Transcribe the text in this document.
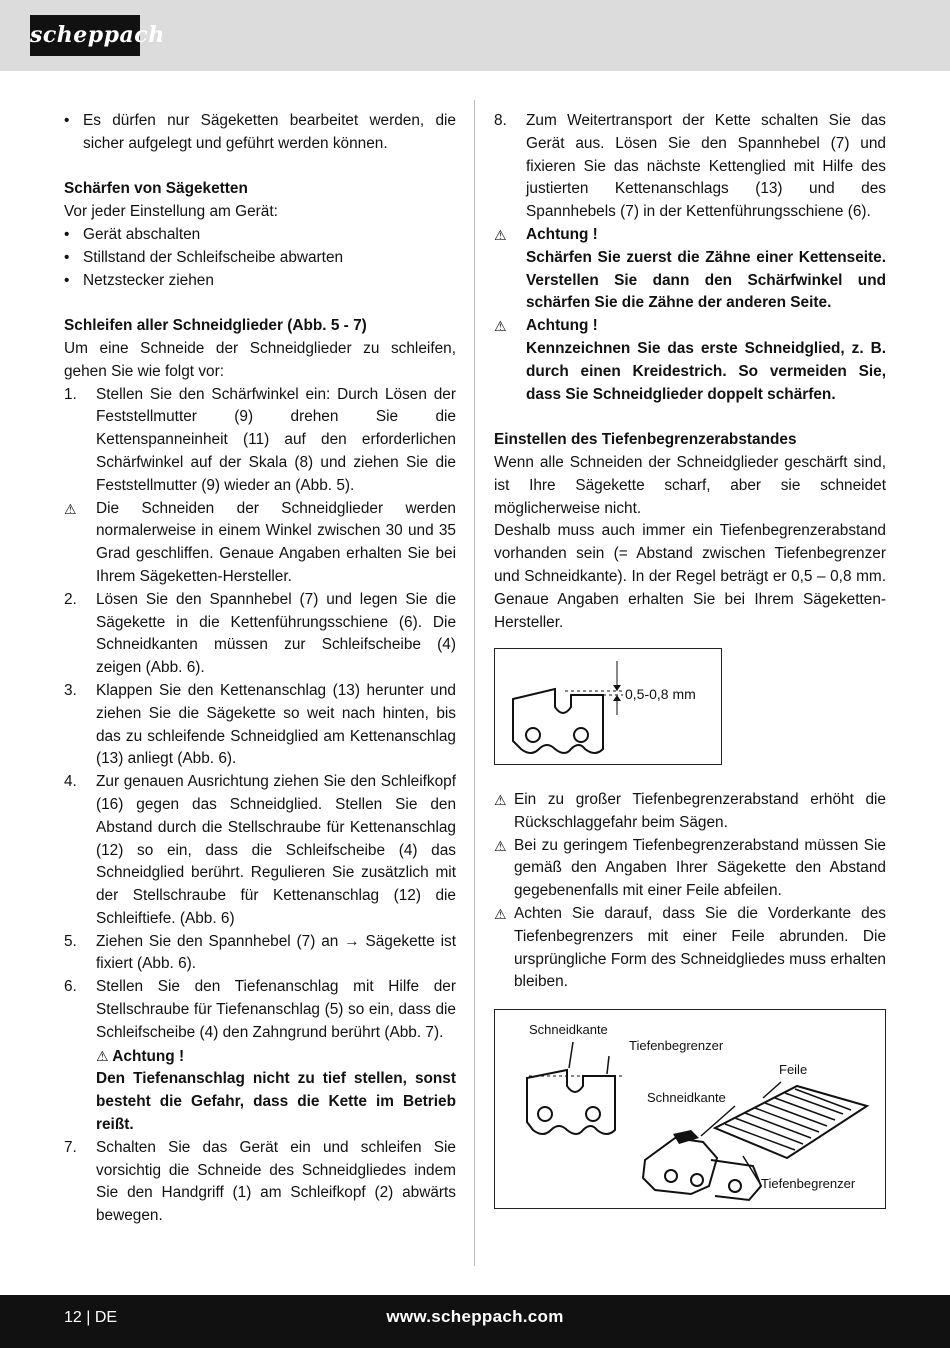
scheppach
• Es dürfen nur Sägeketten bearbeitet werden, die sicher aufgelegt und geführt werden können.

Schärfen von Sägeketten

Vor jeder Einstellung am Gerät:

• Gerät abschalten
• Stillstand der Schleifscheibe abwarten
• Netzstecker ziehen

Schleifen aller Schneidglieder (Abb. 5 - 7)

Um eine Schneide der Schneidglieder zu schleifen, gehen Sie wie folgt vor:

1. Stellen Sie den Schärfwinkel ein: Durch Lösen der Feststellmutter (9) drehen Sie die Kettenspanneinheit (11) auf den erforderlichen Schärfwinkel auf der Skala (8) und ziehen Sie die Feststellmutter (9) wieder an (Abb. 5).
⚠ Die Schneiden der Schneidglieder werden normalerweise in einem Winkel zwischen 30 und 35 Grad geschliffen. Genaue Angaben erhalten Sie bei Ihrem Sägeketten-Hersteller.
2. Lösen Sie den Spannhebel (7) und legen Sie die Sägekette in die Kettenführungsschiene (6). Die Schneidkanten müssen zur Schleifscheibe (4) zeigen (Abb. 6).
3. Klappen Sie den Kettenanschlag (13) herunter und ziehen Sie die Sägekette so weit nach hinten, bis das zu schleifende Schneidglied am Kettenanschlag (13) anliegt (Abb. 6).
4. Zur genauen Ausrichtung ziehen Sie den Schleifkopf (16) gegen das Schneidglied. Stellen Sie den Abstand durch die Stellschraube für Kettenanschlag (12) so ein, dass die Schleifscheibe (4) das Schneidglied berührt. Regulieren Sie zusätzlich mit der Stellschraube für Kettenanschlag (12) die Schleiftiefe. (Abb. 6)
5. Ziehen Sie den Spannhebel (7) an → Sägekette ist fixiert (Abb. 6).
6. Stellen Sie den Tiefenanschlag mit Hilfe der Stellschraube für Tiefenanschlag (5) so ein, dass die Schleifscheibe (4) den Zahngrund berührt (Abb. 7).
⚠ Achtung !
Den Tiefenanschlag nicht zu tief stellen, sonst besteht die Gefahr, dass die Kette im Betrieb reißt.
7. Schalten Sie das Gerät ein und schleifen Sie vorsichtig die Schneide des Schneidgliedes indem Sie den Handgriff (1) am Schleifkopf (2) abwärts bewegen.
8. Zum Weitertransport der Kette schalten Sie das Gerät aus. Lösen Sie den Spannhebel (7) und fixieren Sie das nächste Kettenglied mit Hilfe des justierten Kettenanschlags (13) und des Spannhebels (7) in der Kettenführungsschiene (6).
⚠ Achtung !
Schärfen Sie zuerst die Zähne einer Kettenseite. Verstellen Sie dann den Schärfwinkel und schärfen Sie die Zähne der anderen Seite.
⚠ Achtung !
Kennzeichnen Sie das erste Schneidglied, z. B. durch einen Kreidestrich. So vermeiden Sie, dass Sie Schneidglieder doppelt schärfen.

Einstellen des Tiefenbegrenzerabstandes

Wenn alle Schneiden der Schneidglieder geschärft sind, ist Ihre Sägekette scharf, aber sie schneidet möglicherweise nicht.

Deshalb muss auch immer ein Tiefenbegrenzerabstand vorhanden sein (= Abstand zwischen Tiefenbegrenzer und Schneidkante). In der Regel beträgt er 0,5 – 0,8 mm. Genaue Angaben erhalten Sie bei Ihrem Sägeketten-Hersteller.

0,5-0,8 mm
⚠ Ein zu großer Tiefenbegrenzerabstand erhöht die Rückschlaggefahr beim Sägen.
⚠ Bei zu geringem Tiefenbegrenzerabstand müssen Sie gemäß den Angaben Ihrer Sägekette den Abstand gegebenenfalls mit einer Feile abfeilen.
⚠ Achten Sie darauf, dass Sie die Vorderkante des Tiefenbegrenzers mit einer Feile abrunden. Die ursprüngliche Form des Schneidgliedes muss erhalten bleiben.
Schneidkante
Tiefenbegrenzer
Feile
Schneidkante
Tiefenbegrenzer
12 | DE	www.scheppach.com
